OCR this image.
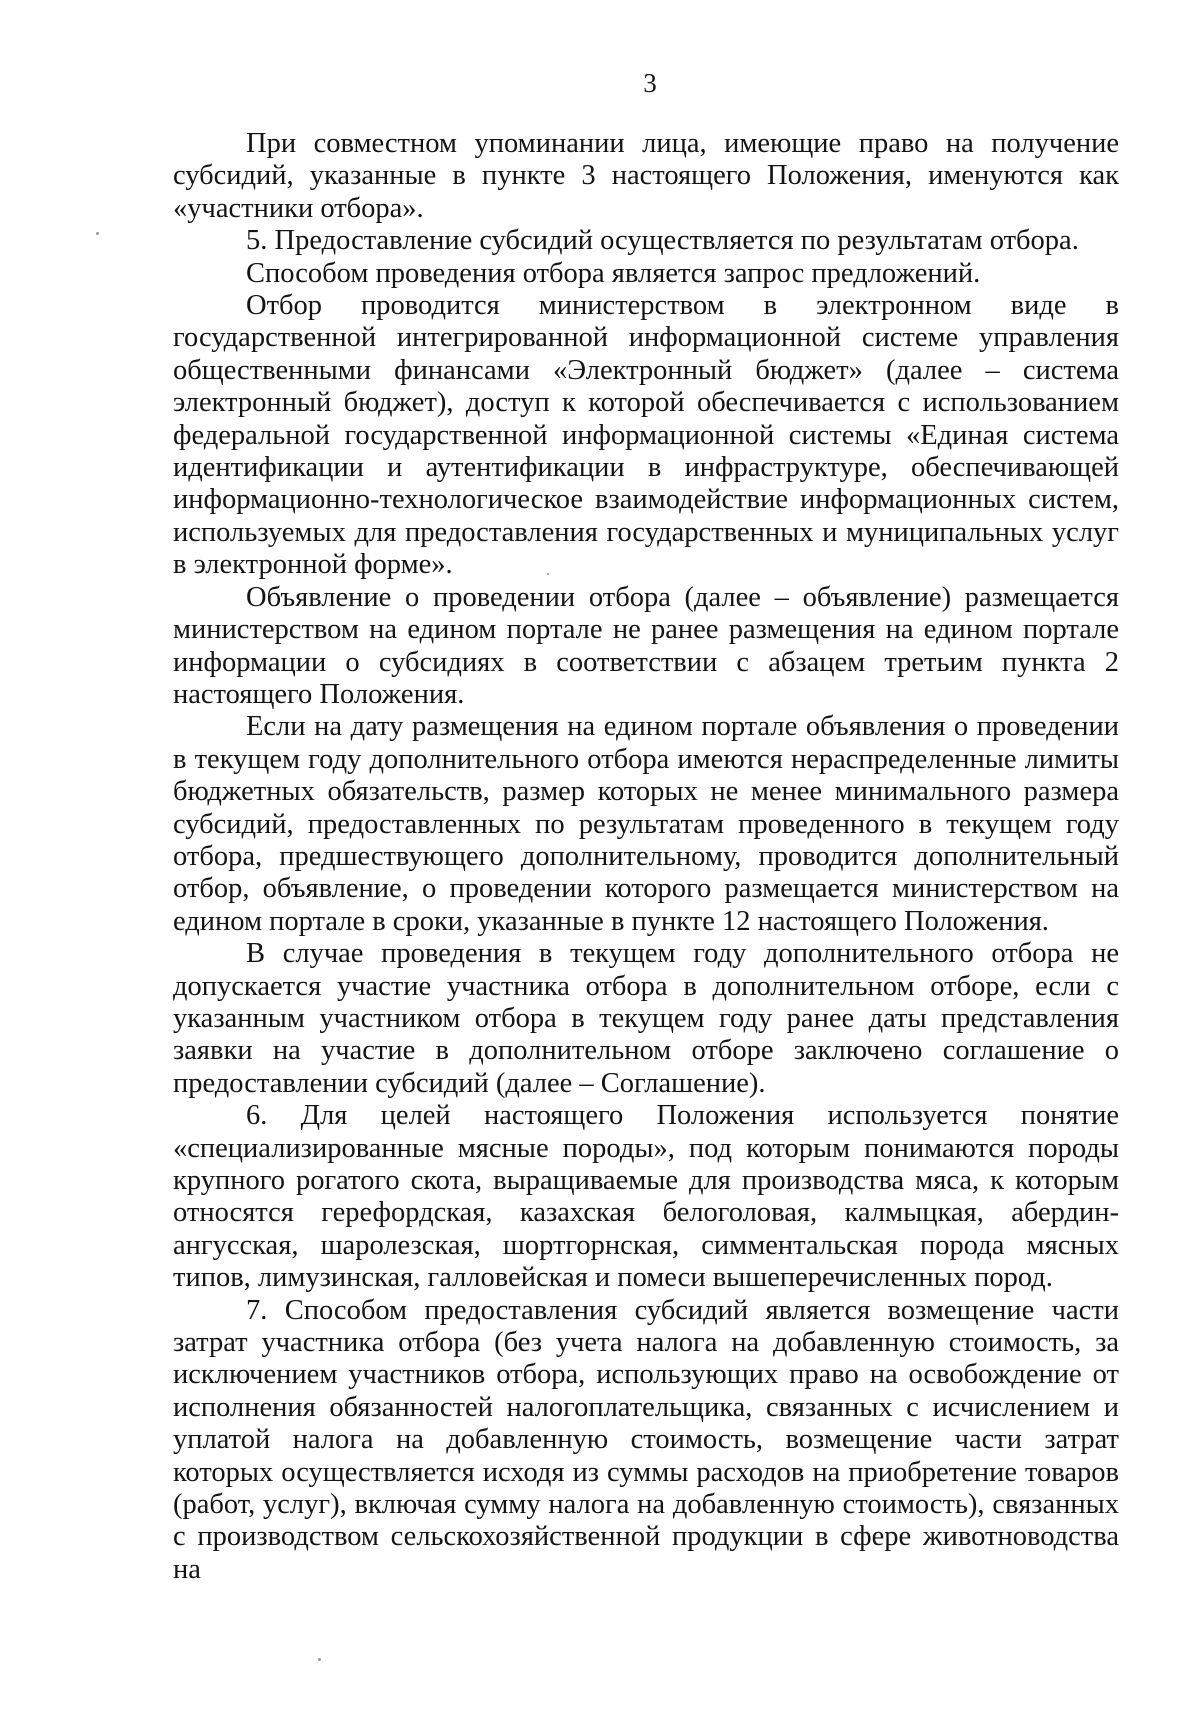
3

При совместном упоминании лица, имеющие право на получение субсидий, указанные в пункте 3 настоящего Положения, именуются как «участники отбора».

5. Предоставление субсидий осуществляется по результатам отбора.

Способом проведения отбора является запрос предложений.

Отбор проводится министерством в электронном виде в государственной интегрированной информационной системе управления общественными финансами «Электронный бюджет» (далее – система электронный бюджет), доступ к которой обеспечивается с использованием федеральной государственной информационной системы «Единая система идентификации и аутентификации в инфраструктуре, обеспечивающей информационно-технологическое взаимодействие информационных систем, используемых для предоставления государственных и муниципальных услуг в электронной форме».

Объявление о проведении отбора (далее – объявление) размещается министерством на едином портале не ранее размещения на едином портале информации о субсидиях в соответствии с абзацем третьим пункта 2 настоящего Положения.

Если на дату размещения на едином портале объявления о проведении в текущем году дополнительного отбора имеются нераспределенные лимиты бюджетных обязательств, размер которых не менее минимального размера субсидий, предоставленных по результатам проведенного в текущем году отбора, предшествующего дополнительному, проводится дополнительный отбор, объявление, о проведении которого размещается министерством на едином портале в сроки, указанные в пункте 12 настоящего Положения.

В случае проведения в текущем году дополнительного отбора не допускается участие участника отбора в дополнительном отборе, если с указанным участником отбора в текущем году ранее даты представления заявки на участие в дополнительном отборе заключено соглашение о предоставлении субсидий (далее – Соглашение).

6. Для целей настоящего Положения используется понятие «специализированные мясные породы», под которым понимаются породы крупного рогатого скота, выращиваемые для производства мяса, к которым относятся герефордская, казахская белоголовая, калмыцкая, абердин-ангусская, шаролезская, шортгорнская, симментальская порода мясных типов, лимузинская, галловейская и помеси вышеперечисленных пород.

7. Способом предоставления субсидий является возмещение части затрат участника отбора (без учета налога на добавленную стоимость, за исключением участников отбора, использующих право на освобождение от исполнения обязанностей налогоплательщика, связанных с исчислением и уплатой налога на добавленную стоимость, возмещение части затрат которых осуществляется исходя из суммы расходов на приобретение товаров (работ, услуг), включая сумму налога на добавленную стоимость), связанных с производством сельскохозяйственной продукции в сфере животноводства на
